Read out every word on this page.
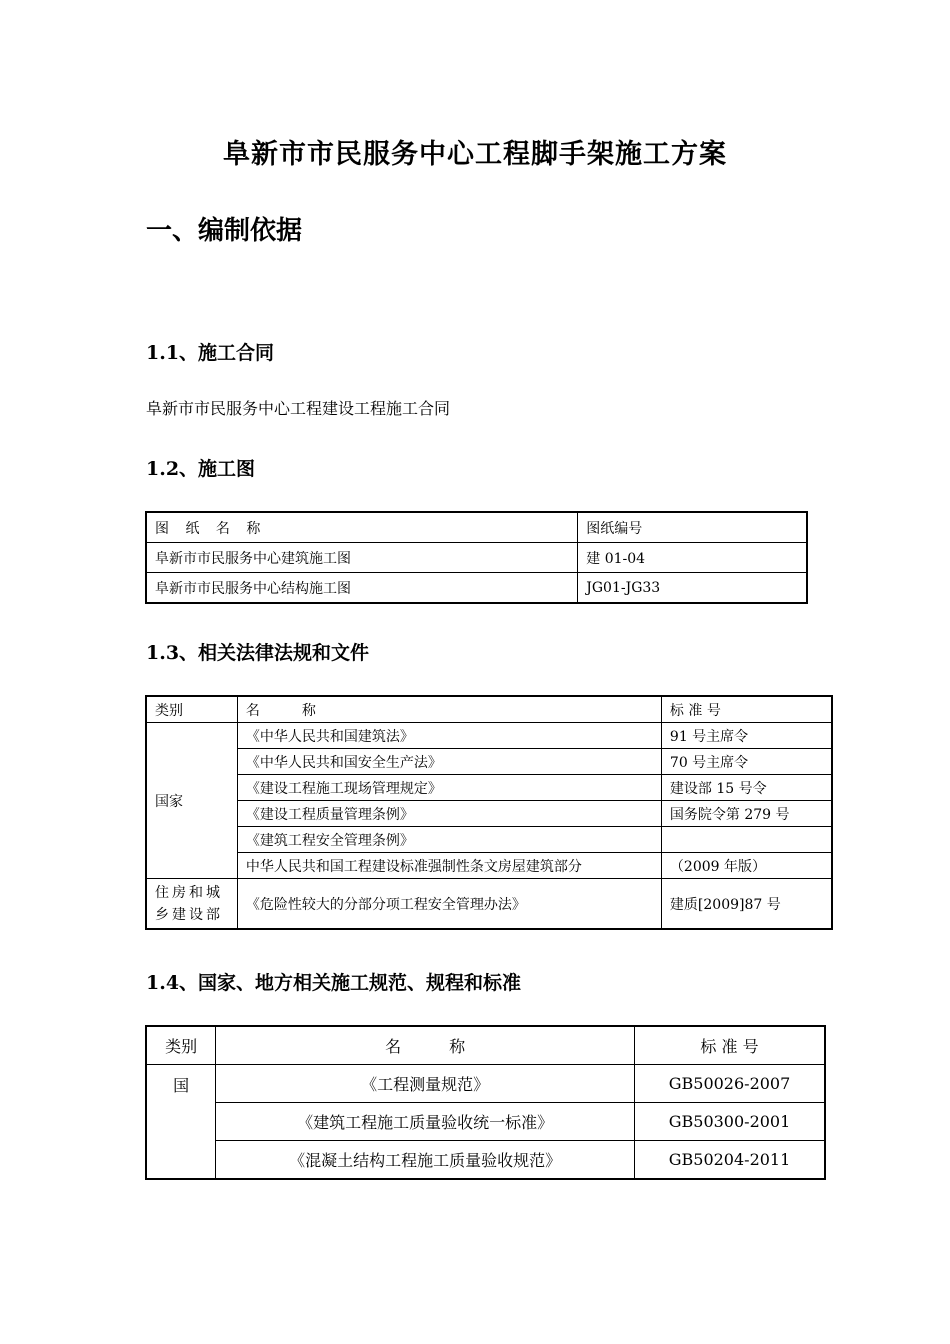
阜新市市民服务中心工程脚手架施工方案
一、编制依据
1.1、施工合同
阜新市市民服务中心工程建设工程施工合同
1.2、施工图
图 纸 名 称	图纸编号
阜新市市民服务中心建筑施工图	建 01-04
阜新市市民服务中心结构施工图	JG01-JG33
1.3、相关法律法规和文件
类别	名　　　称	标 准 号
国家	《中华人民共和国建筑法》	91 号主席令
	《中华人民共和国安全生产法》	70 号主席令
	《建设工程施工现场管理规定》	建设部 15 号令
	《建设工程质量管理条例》	国务院令第 279 号
	《建筑工程安全管理条例》	
	中华人民共和国工程建设标准强制性条文房屋建筑部分	（2009 年版）
住房和城乡建设部	《危险性较大的分部分项工程安全管理办法》	建质[2009]87 号
1.4、国家、地方相关施工规范、规程和标准
类别	名　　　称	标 准 号
国	《工程测量规范》	GB50026-2007
	《建筑工程施工质量验收统一标准》	GB50300-2001
	《混凝土结构工程施工质量验收规范》	GB50204-2011
